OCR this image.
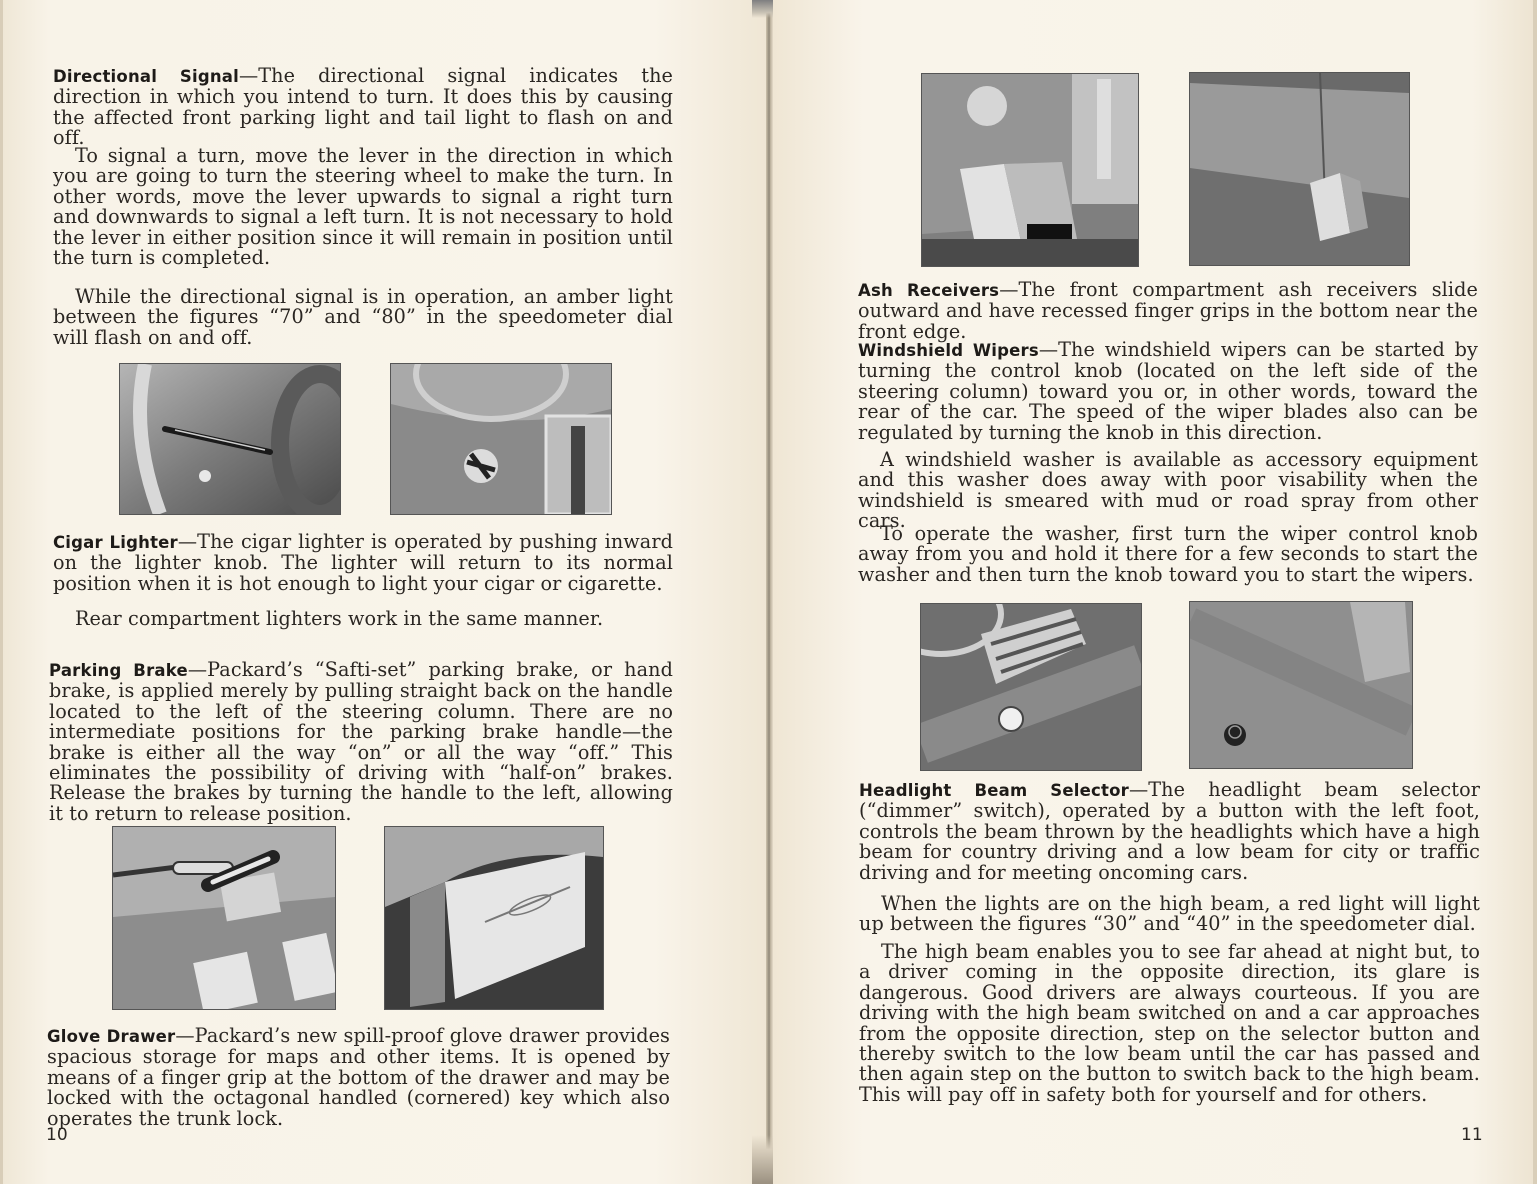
Directional Signal—The directional signal indicates the direction in which you intend to turn. It does this by causing the affected front parking light and tail light to flash on and off.

To signal a turn, move the lever in the direction in which you are going to turn the steering wheel to make the turn. In other words, move the lever upwards to signal a right turn and downwards to signal a left turn. It is not necessary to hold the lever in either position since it will remain in position until the turn is completed.

While the directional signal is in operation, an amber light between the figures “70” and “80” in the speedometer dial will flash on and off.

Cigar Lighter—The cigar lighter is operated by pushing inward on the lighter knob. The lighter will return to its normal position when it is hot enough to light your cigar or cigarette.

Rear compartment lighters work in the same manner.

Parking Brake—Packard’s “Safti-set” parking brake, or hand brake, is applied merely by pulling straight back on the handle located to the left of the steering column. There are no intermediate positions for the parking brake handle—the brake is either all the way “on” or all the way “off.” This eliminates the possibility of driving with “half-on” brakes. Release the brakes by turning the handle to the left, allowing it to return to release position.

Glove Drawer—Packard’s new spill-proof glove drawer provides spacious storage for maps and other items. It is opened by means of a finger grip at the bottom of the drawer and may be locked with the octagonal handled (cornered) key which also operates the trunk lock.

10

Ash Receivers—The front compartment ash receivers slide outward and have recessed finger grips in the bottom near the front edge.

Windshield Wipers—The windshield wipers can be started by turning the control knob (located on the left side of the steering column) toward you or, in other words, toward the rear of the car. The speed of the wiper blades also can be regulated by turning the knob in this direction.

A windshield washer is available as accessory equipment and this washer does away with poor visability when the windshield is smeared with mud or road spray from other cars.

To operate the washer, first turn the wiper control knob away from you and hold it there for a few seconds to start the washer and then turn the knob toward you to start the wipers.

Headlight Beam Selector—The headlight beam selector (“dimmer” switch), operated by a button with the left foot, controls the beam thrown by the headlights which have a high beam for country driving and a low beam for city or traffic driving and for meeting oncoming cars.

When the lights are on the high beam, a red light will light up between the figures “30” and “40” in the speedometer dial.

The high beam enables you to see far ahead at night but, to a driver coming in the opposite direction, its glare is dangerous. Good drivers are always courteous. If you are driving with the high beam switched on and a car approaches from the opposite direction, step on the selector button and thereby switch to the low beam until the car has passed and then again step on the button to switch back to the high beam. This will pay off in safety both for yourself and for others.

11
